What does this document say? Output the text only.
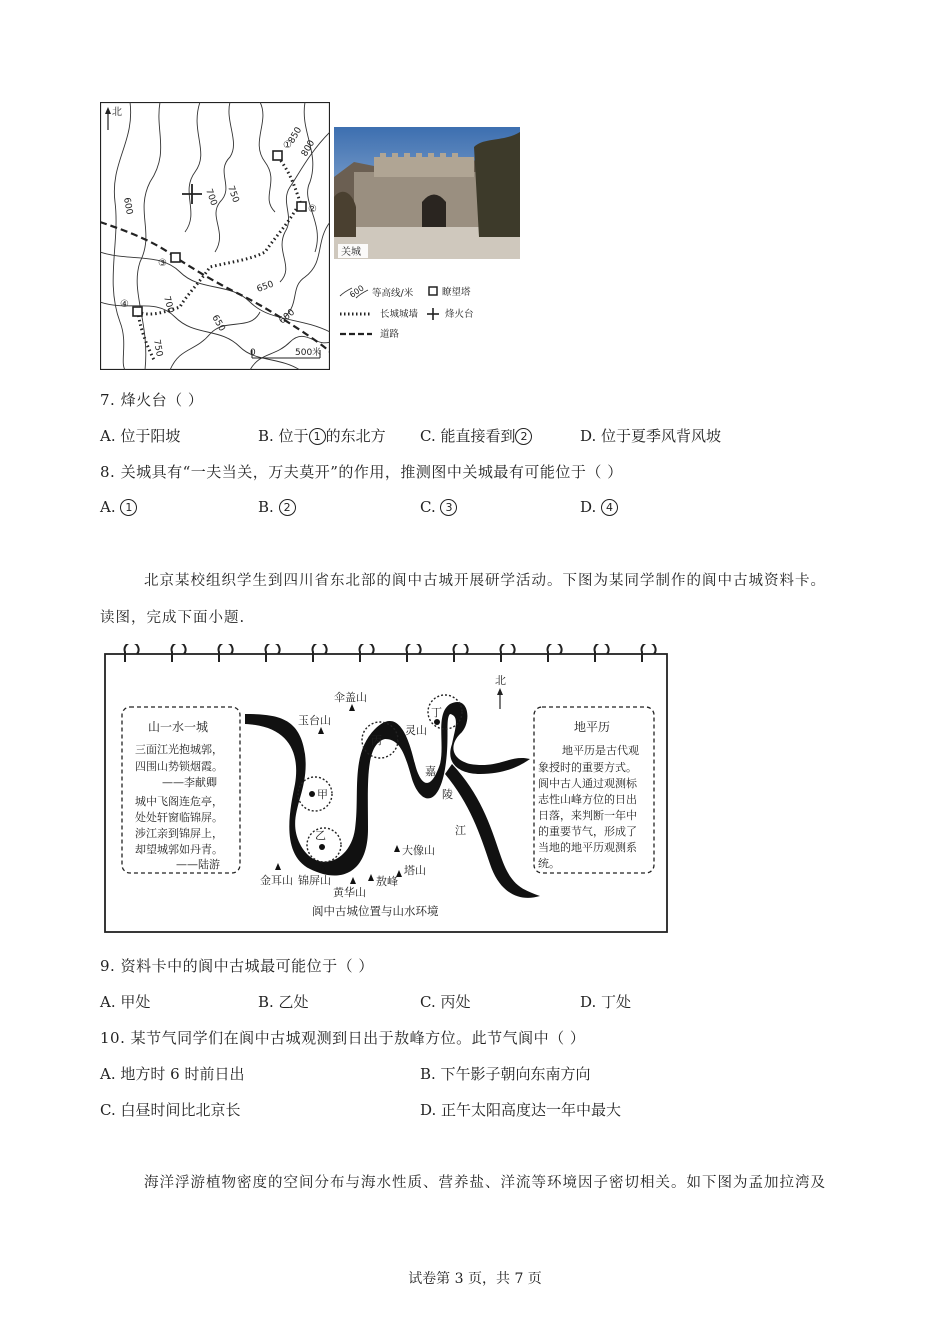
北
①
②
③
④
850
800
750
700
600
650
700
650	600
750	0	500米
关城
600 等高线/米	瞭望塔
长城城墙	烽火台
道路
7. 烽火台（ ）
A. 位于阳坡	B. 位于 1 的东北方 C. 能直接看到 2	D. 位于夏季风背风坡
8. 关城具有“一夫当关，万夫莫开”的作用，推测图中关城最有可能位于（ ）
A. 1	B. 2	C. 3	D. 4
北京某校组织学生到四川省东北部的阆中古城开展研学活动。下图为某同学制作的阆中古城资料卡。
读图，完成下面小题.
山一水一城
三面江光抱城郭，
四围山势锁烟霞。
——李献卿
城中飞阁连危亭，
处处轩窗临锦屏。
涉江亲到锦屏上，
却望城郭如丹青。
——陆游
地平历
地平历是古代观
象授时的重要方式。
阆中古人通过观测标
志性山峰方位的日出
日落，来判断一年中
的重要节气，形成了
当地的地平历观测系
统。
甲
乙
丙
丁
北
玉台山
伞盖山
大像山
塔山
敖峰
黄华山
锦屏山
金耳山
灵山
嘉
陵
江
阆中古城位置与山水环境
9. 资料卡中的阆中古城最可能位于（ ）
A. 甲处	B. 乙处	C. 丙处	D. 丁处
10. 某节气同学们在阆中古城观测到日出于敖峰方位。此节气阆中（ ）
A. 地方时 6 时前日出	B. 下午影子朝向东南方向
C. 白昼时间比北京长	D. 正午太阳高度达一年中最大
海洋浮游植物密度的空间分布与海水性质、营养盐、洋流等环境因子密切相关。如下图为孟加拉湾及
试卷第 3 页，共 7 页
